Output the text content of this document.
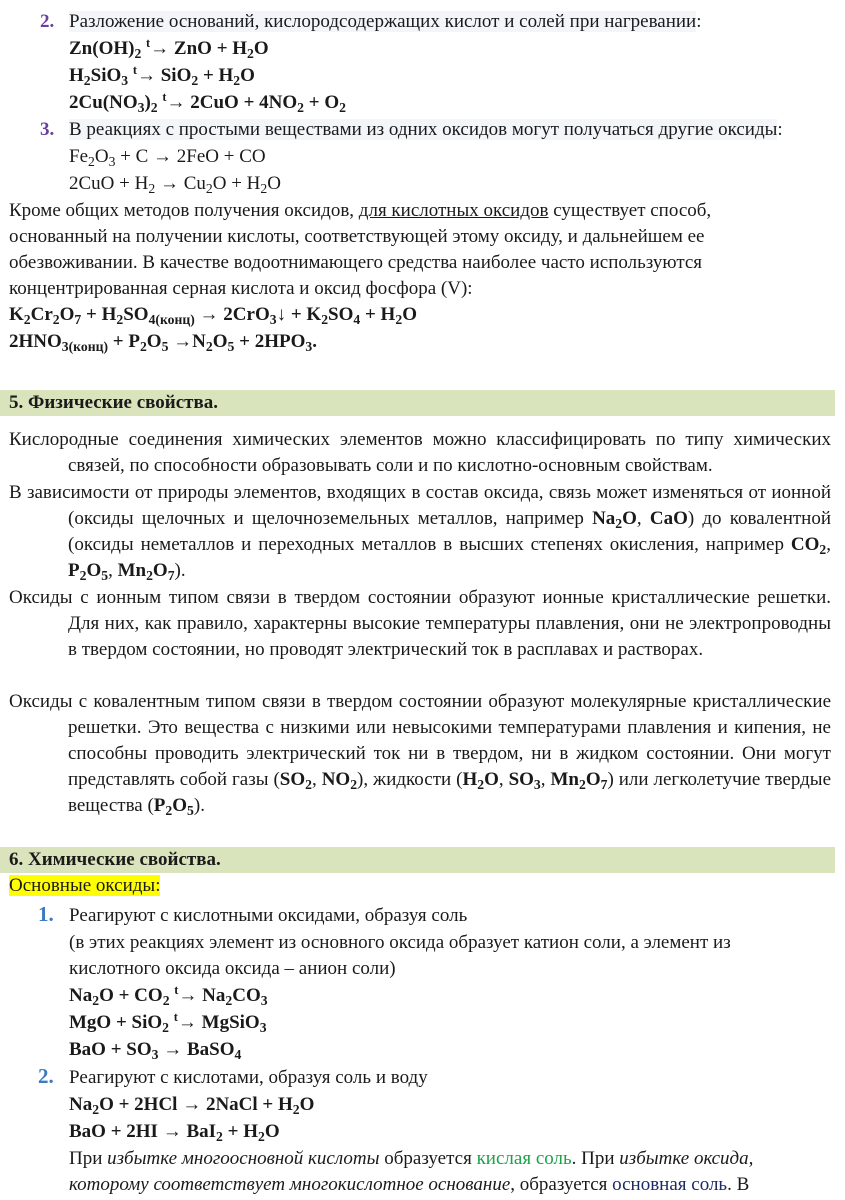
2. Разложение оснований, кислородсодержащих кислот и солей при нагревании:
$Zn(OH)_2$ $^t$→ ZnO + $H_2O$
$H_2SiO_3$ $^t\to SiO_2 + H_2O$
$2Cu(NO_3)_2$ $^t\to 2CuO + 4NO_2 + O_2$
3. В реакциях с простыми веществами из одних оксидов могут получаться другие оксиды:
$Fe_2O_3 + C \to 2FeO$ + CO
$2CuO + H_2 \to Cu_2O + H_2O$
Кроме общих методов получения оксидов, для кислотных оксидов существует способ,
основанный на получении кислоты, соответствующей этому оксиду, и дальнейшем ее
обезвоживании. В качестве водоотнимающего средства наиболее часто используются
концентрированная серная кислота и оксид фосфора (V):
$K_2Cr_2O_7 + H_2SO_{4(конц)}$ → 2CrO$_3$↓ + $K_2SO_4 + H_2O$
$2HNO_{3(конц)} + P_2O_5 \to N_2O_5 + 2HPO_3$.
5. Физические свойства.
Кислородные соединения химических элементов можно классифицировать по типу химических связей, по способности образовывать соли и по кислотно-основным свойствам.
В зависимости от природы элементов, входящих в состав оксида, связь может изменяться от ионной (оксиды щелочных и щелочноземельных металлов, например $Na_2O$, CaO) до ковалентной (оксиды неметаллов и переходных металлов в высших степенях окисления, например $CO_2$, $P_2O_5$, $Mn_2O_7$).
Оксиды с ионным типом связи в твердом состоянии образуют ионные кристаллические решетки. Для них, как правило, характерны высокие температуры плавления, они не электропроводны в твердом состоянии, но проводят электрический ток в расплавах и растворах.
Оксиды с ковалентным типом связи в твердом состоянии образуют молекулярные кристаллические решетки. Это вещества с низкими или невысокими температурами плавления и кипения, не способны проводить электрический ток ни в твердом, ни в жидком состоянии. Они могут представлять собой газы ($SO_2$, $NO_2$), жидкости ($H_2O$, $SO_3$, $Mn_2O_7$) или легколетучие твердые вещества $(P_2O_5)$.
6. Химические свойства.
Основные оксиды:
1. Реагируют с кислотными оксидами, образуя соль
(в этих реакциях элемент из основного оксида образует катион соли, а элемент из
кислотного оксида оксида – анион соли)
$Na_2O + CO_2$ $^t\to Na_2CO_3$
MgO + SiO$_2$ $^t$→ MgSiO$_3$
BaO + $SO_3$ → BaSO$_4$
2. Реагируют с кислотами, образуя соль и воду
$Na_2O + 2HCl$ → 2NaCl + $H_2O$
BaO + $2HI \to BaI_2 + H_2O$
При избытке многоосновной кислоты образуется кислая соль. При избытке оксида,
которому соответствует многокислотное основание, образуется основная соль. В
